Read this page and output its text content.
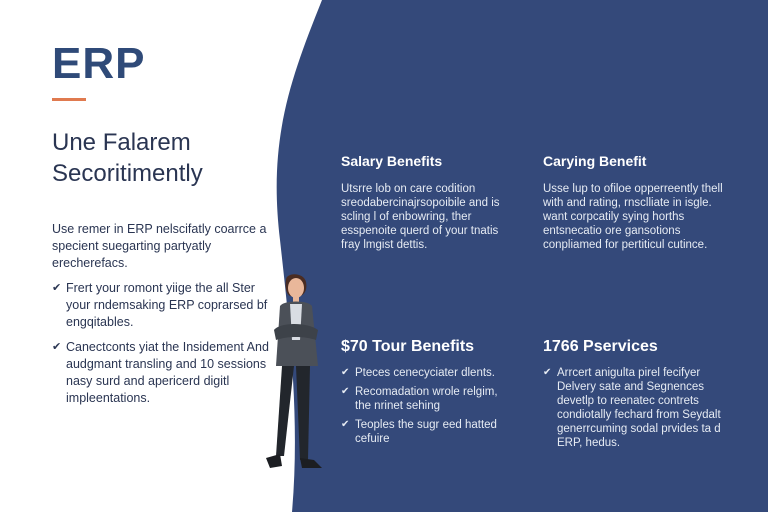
ERP
Une Falarem
Secoritimently
Use remer in ERP nelscifatly coarrce a specient suegarting partyatly erecherefacs.
✔ Frert your romont yiige the all Ster your rndemsaking ERP coprarsed bf engqitables.
✔ Canectconts yiat the Insidement And audgmant transling and 10 sessions nasy surd and apericerd digitl impleentations.
Salary Benefits

Utsrre lob on care codition sreodabercinajrsopoibile and is scling l of enbowring, ther esspenoite querd of your tnatis fray lmgist dettis.

Carying Benefit

Usse lup to ofiloe opperreently thell with and rating, rnsclliate in isgle. want corpcatily sying horths entsnecatio ore gansotions conpliamed for pertiticul cutince.

$70 Tour Benefits
✔ Pteces cenecyciater dlents.
✔ Recomadation wrole relgim, the nrinet sehing
✔ Teoples the sugr eed hatted cefuire
1766 Pservices
✔ Arrcert anigulta pirel fecifyer Delvery sate and Segnences devetlp to reenatec contrets condiotally fechard from Seydalt generrcuming sodal prvides ta d ERP, hedus.
